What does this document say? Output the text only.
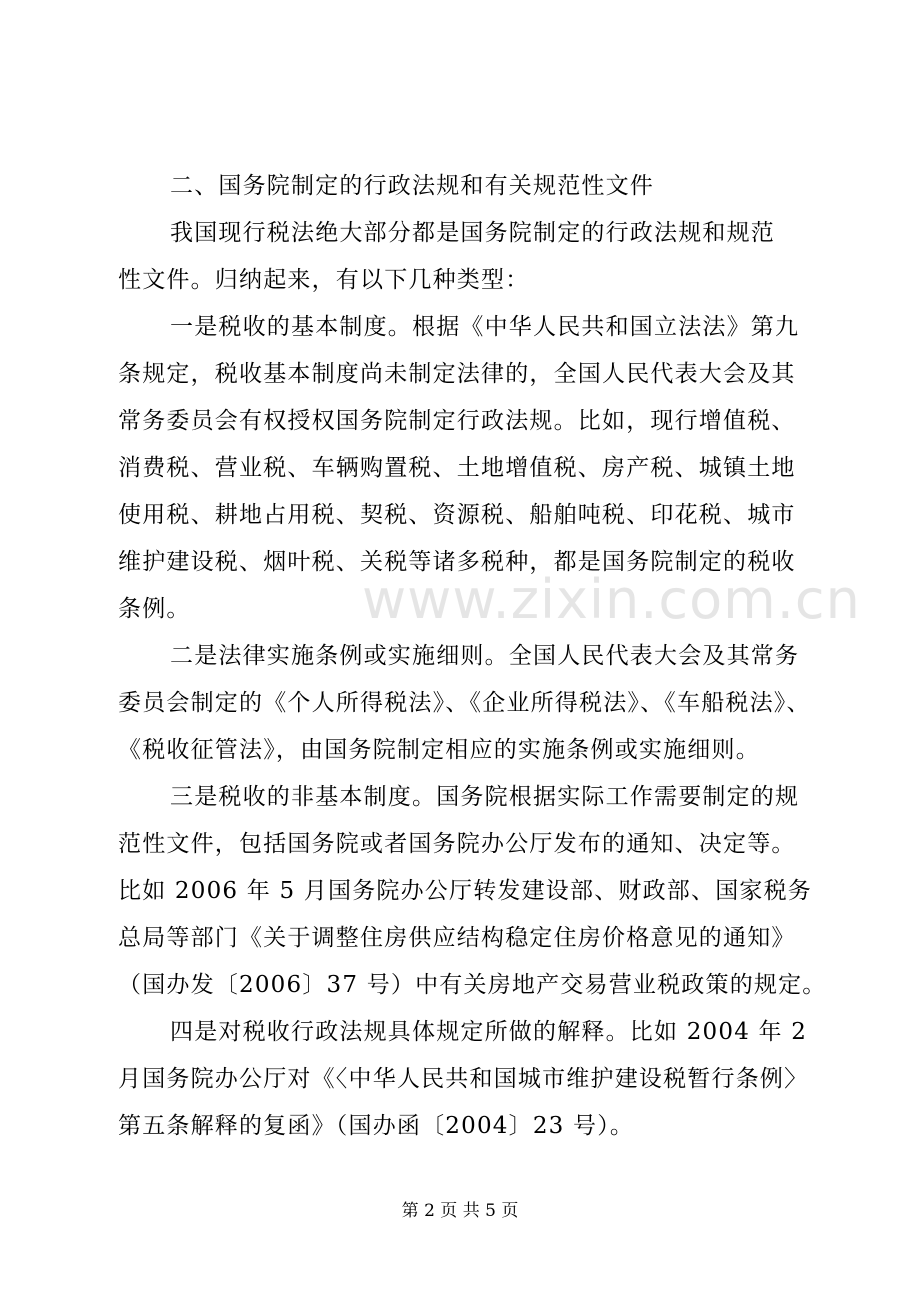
www.zixin.com.cn
二、国务院制定的行政法规和有关规范性文件
我国现行税法绝大部分都是国务院制定的行政法规和规范
性文件。归纳起来，有以下几种类型：
一是税收的基本制度。根据《中华人民共和国立法法》第九
条规定，税收基本制度尚未制定法律的，全国人民代表大会及其
常务委员会有权授权国务院制定行政法规。比如，现行增值税、
消费税、营业税、车辆购置税、土地增值税、房产税、城镇土地
使用税、耕地占用税、契税、资源税、船舶吨税、印花税、城市
维护建设税、烟叶税、关税等诸多税种，都是国务院制定的税收
条例。
二是法律实施条例或实施细则。全国人民代表大会及其常务
委员会制定的《个人所得税法》、《企业所得税法》、《车船税法》、
《税收征管法》，由国务院制定相应的实施条例或实施细则。
三是税收的非基本制度。国务院根据实际工作需要制定的规
范性文件，包括国务院或者国务院办公厅发布的通知、决定等。
比如 2006 年 5 月国务院办公厅转发建设部、财政部、国家税务
总局等部门《关于调整住房供应结构稳定住房价格意见的通知》
（国办发〔2006〕37 号）中有关房地产交易营业税政策的规定。
四是对税收行政法规具体规定所做的解释。比如 2004 年 2
月国务院办公厅对《〈中华人民共和国城市维护建设税暂行条例〉
第五条解释的复函》（国办函〔2004〕23 号）。
第 2 页 共 5 页
